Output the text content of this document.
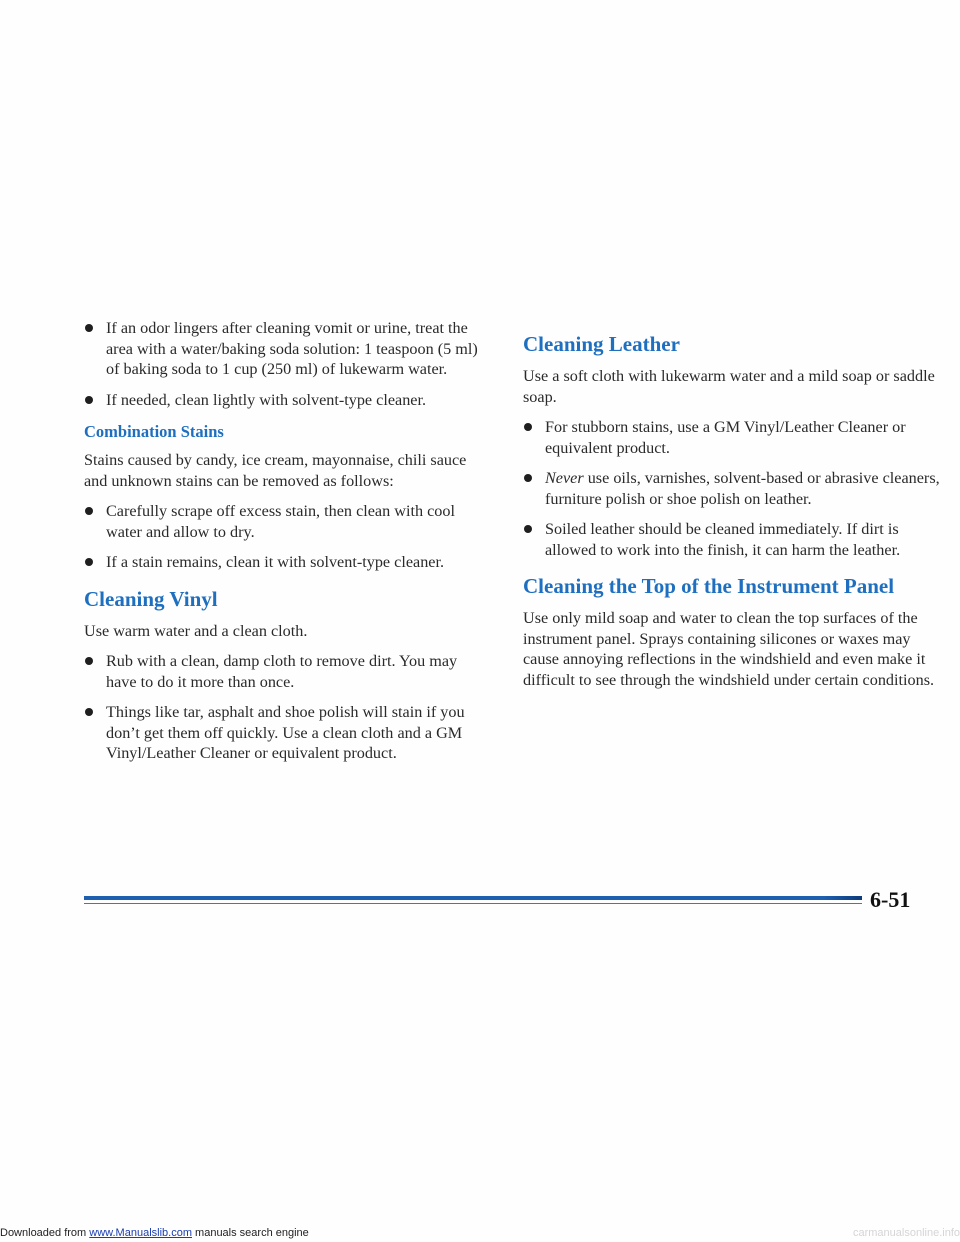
If an odor lingers after cleaning vomit or urine, treat the area with a water/baking soda solution: 1 teaspoon (5 ml) of baking soda to 1 cup (250 ml) of lukewarm water.
If needed, clean lightly with solvent-type cleaner.
Combination Stains
Stains caused by candy, ice cream, mayonnaise, chili sauce and unknown stains can be removed as follows:
Carefully scrape off excess stain, then clean with cool water and allow to dry.
If a stain remains, clean it with solvent-type cleaner.
Cleaning Vinyl
Use warm water and a clean cloth.
Rub with a clean, damp cloth to remove dirt. You may have to do it more than once.
Things like tar, asphalt and shoe polish will stain if you don’t get them off quickly. Use a clean cloth and a GM Vinyl/Leather Cleaner or equivalent product.
Cleaning Leather
Use a soft cloth with lukewarm water and a mild soap or saddle soap.
For stubborn stains, use a GM Vinyl/Leather Cleaner or equivalent product.
Never use oils, varnishes, solvent-based or abrasive cleaners, furniture polish or shoe polish on leather.
Soiled leather should be cleaned immediately. If dirt is allowed to work into the finish, it can harm the leather.
Cleaning the Top of the Instrument Panel
Use only mild soap and water to clean the top surfaces of the instrument panel. Sprays containing silicones or waxes may cause annoying reflections in the windshield and even make it difficult to see through the windshield under certain conditions.
6-51
Downloaded from www.Manualslib.com manuals search engine	carmanualsonline.info
